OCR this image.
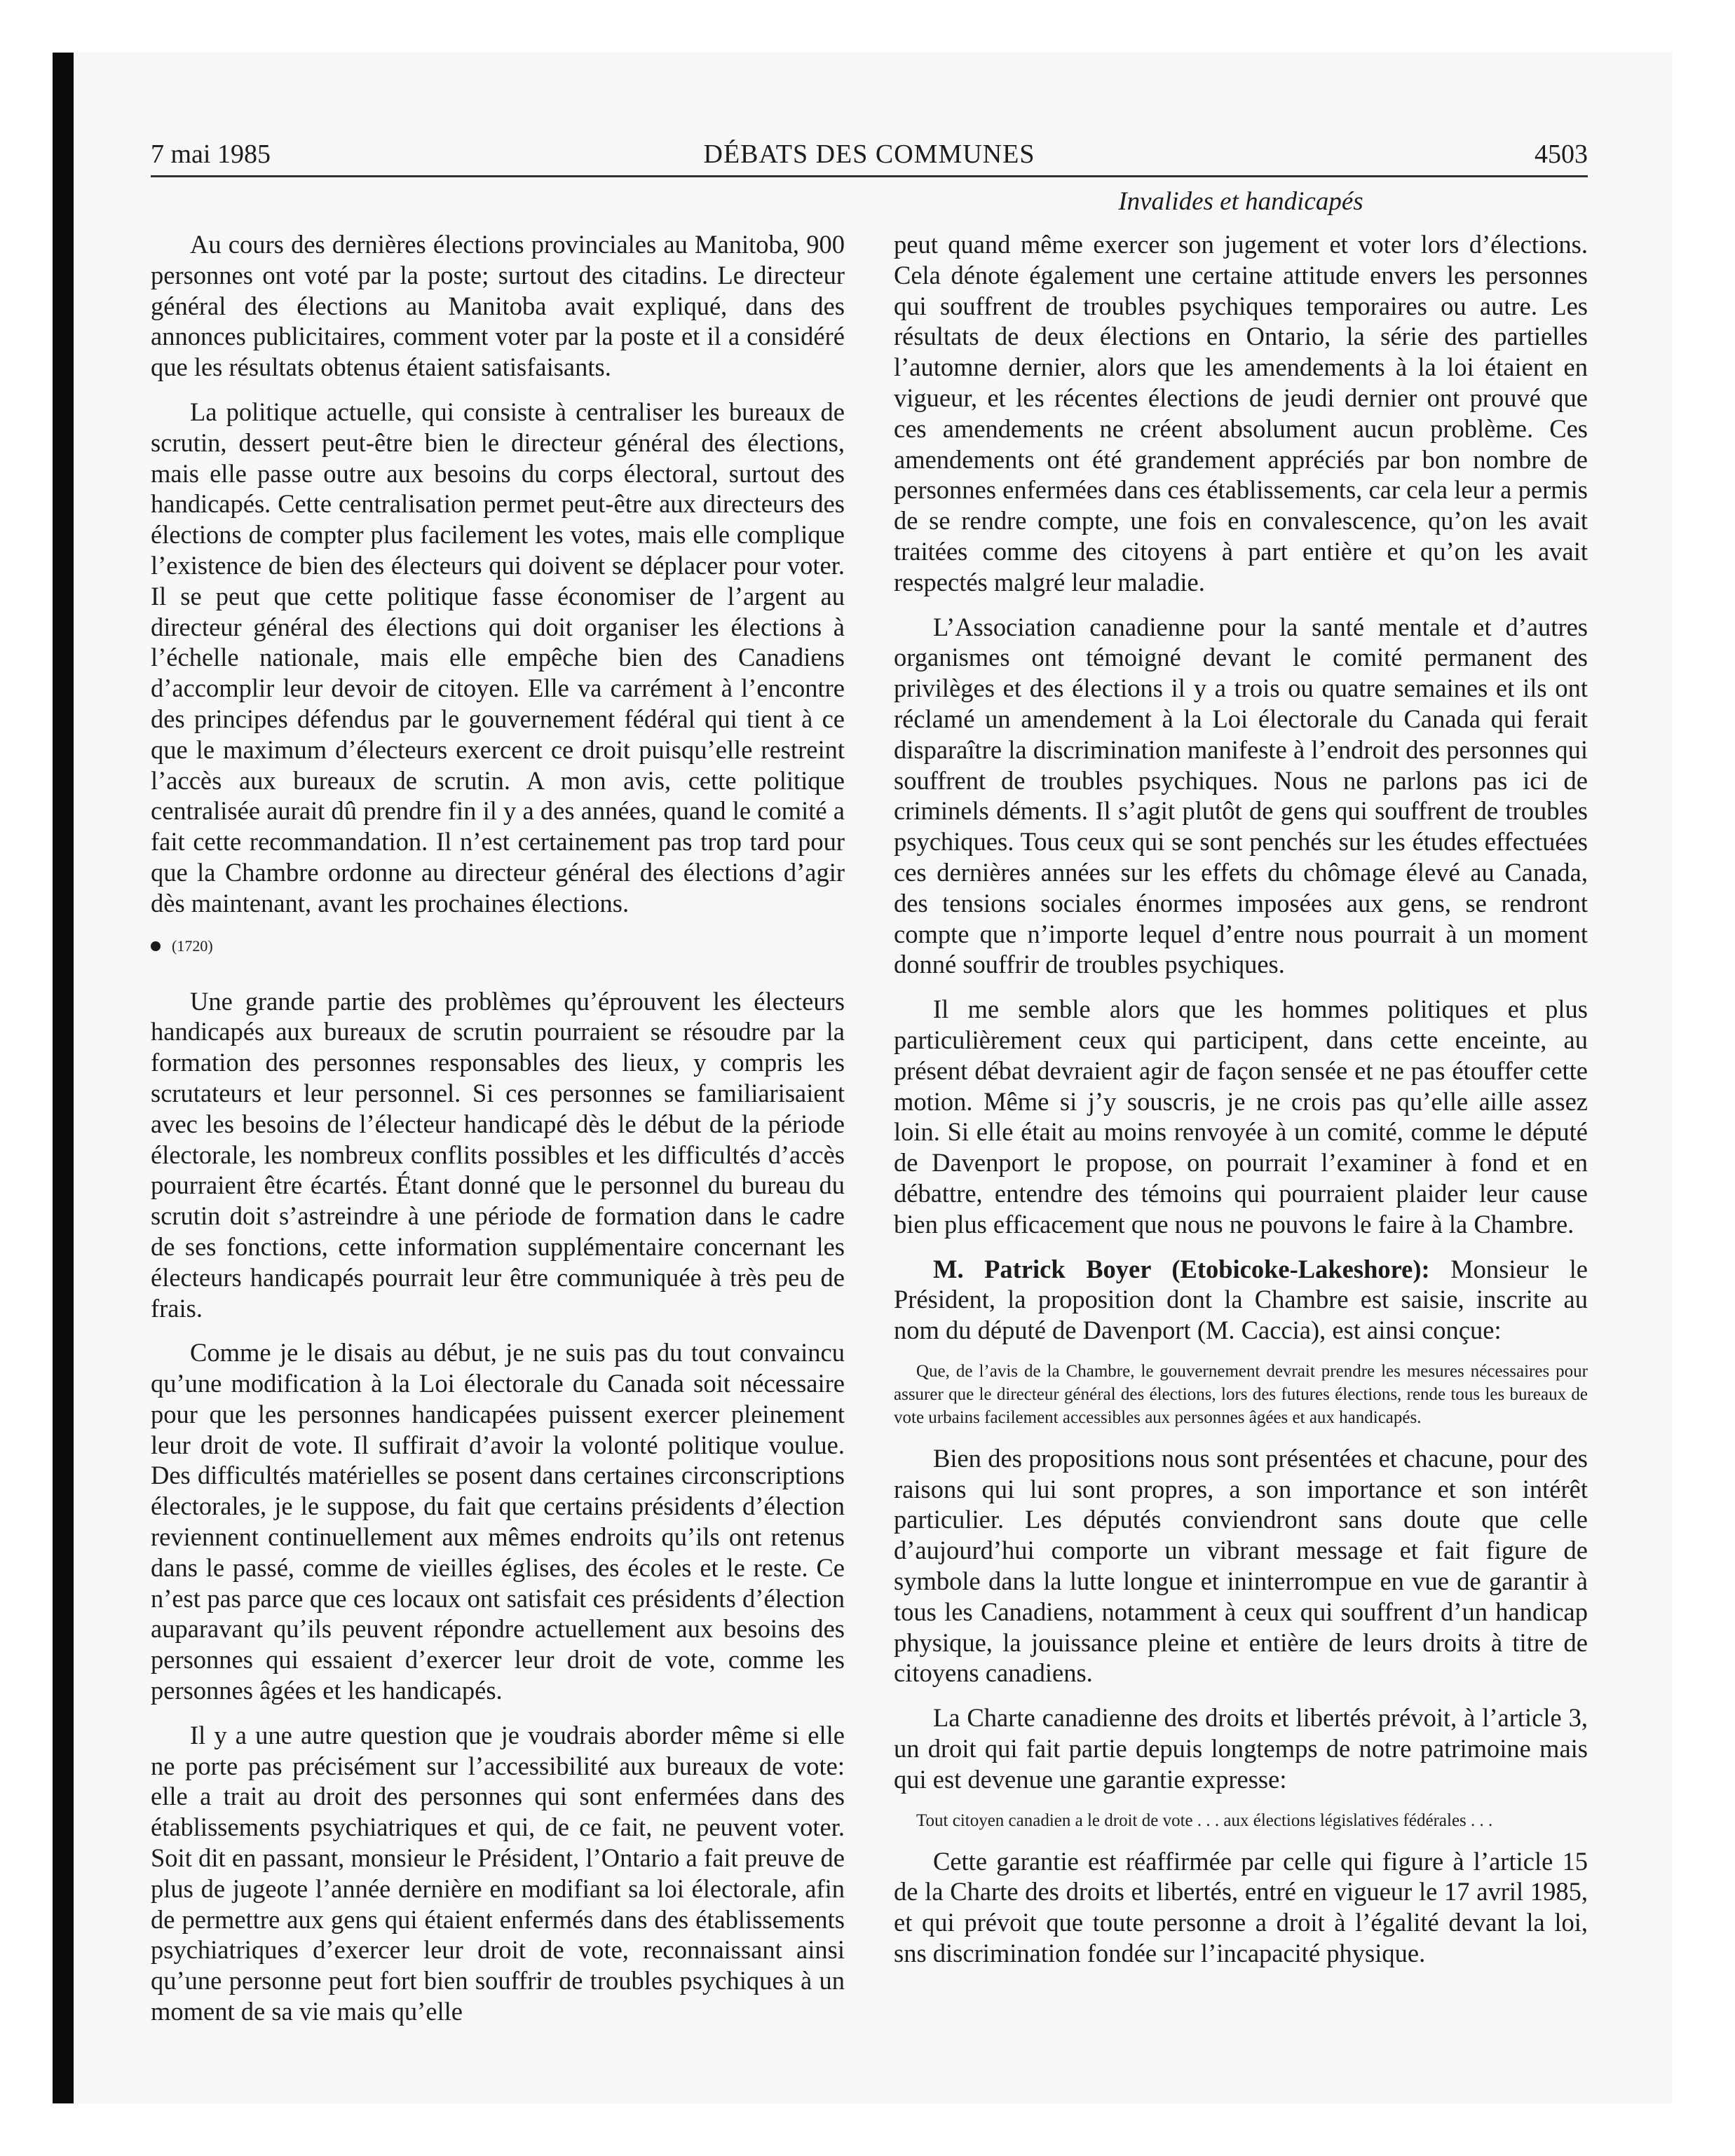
7 mai 1985	DÉBATS DES COMMUNES	4503
Invalides et handicapés

Au cours des dernières élections provinciales au Manitoba, 900 personnes ont voté par la poste; surtout des citadins. Le directeur général des élections au Manitoba avait expliqué, dans des annonces publicitaires, comment voter par la poste et il a considéré que les résultats obtenus étaient satisfaisants.

La politique actuelle, qui consiste à centraliser les bureaux de scrutin, dessert peut-être bien le directeur général des élections, mais elle passe outre aux besoins du corps électoral, surtout des handicapés. Cette centralisation permet peut-être aux directeurs des élections de compter plus facilement les votes, mais elle complique l’existence de bien des électeurs qui doivent se déplacer pour voter. Il se peut que cette politique fasse économiser de l’argent au directeur général des élections qui doit organiser les élections à l’échelle nationale, mais elle empêche bien des Canadiens d’accomplir leur devoir de citoyen. Elle va carrément à l’encontre des principes défendus par le gouvernement fédéral qui tient à ce que le maximum d’électeurs exercent ce droit puisqu’elle restreint l’accès aux bureaux de scrutin. A mon avis, cette politique centralisée aurait dû prendre fin il y a des années, quand le comité a fait cette recommandation. Il n’est certainement pas trop tard pour que la Chambre ordonne au directeur général des élections d’agir dès maintenant, avant les prochaines élections.

(1720)

Une grande partie des problèmes qu’éprouvent les électeurs handicapés aux bureaux de scrutin pourraient se résoudre par la formation des personnes responsables des lieux, y compris les scrutateurs et leur personnel. Si ces personnes se familiarisaient avec les besoins de l’électeur handicapé dès le début de la période électorale, les nombreux conflits possibles et les difficultés d’accès pourraient être écartés. Étant donné que le personnel du bureau du scrutin doit s’astreindre à une période de formation dans le cadre de ses fonctions, cette information supplémentaire concernant les électeurs handicapés pourrait leur être communiquée à très peu de frais.

Comme je le disais au début, je ne suis pas du tout convaincu qu’une modification à la Loi électorale du Canada soit nécessaire pour que les personnes handicapées puissent exercer pleinement leur droit de vote. Il suffirait d’avoir la volonté politique voulue. Des difficultés matérielles se posent dans certaines circonscriptions électorales, je le suppose, du fait que certains présidents d’élection reviennent continuellement aux mêmes endroits qu’ils ont retenus dans le passé, comme de vieilles églises, des écoles et le reste. Ce n’est pas parce que ces locaux ont satisfait ces présidents d’élection auparavant qu’ils peuvent répondre actuellement aux besoins des personnes qui essaient d’exercer leur droit de vote, comme les personnes âgées et les handicapés.

Il y a une autre question que je voudrais aborder même si elle ne porte pas précisément sur l’accessibilité aux bureaux de vote: elle a trait au droit des personnes qui sont enfermées dans des établissements psychiatriques et qui, de ce fait, ne peuvent voter. Soit dit en passant, monsieur le Président, l’Ontario a fait preuve de plus de jugeote l’année dernière en modifiant sa loi électorale, afin de permettre aux gens qui étaient enfermés dans des établissements psychiatriques d’exercer leur droit de vote, reconnaissant ainsi qu’une personne peut fort bien souffrir de troubles psychiques à un moment de sa vie mais qu’elle

peut quand même exercer son jugement et voter lors d’élections. Cela dénote également une certaine attitude envers les personnes qui souffrent de troubles psychiques temporaires ou autre. Les résultats de deux élections en Ontario, la série des partielles l’automne dernier, alors que les amendements à la loi étaient en vigueur, et les récentes élections de jeudi dernier ont prouvé que ces amendements ne créent absolument aucun problème. Ces amendements ont été grandement appréciés par bon nombre de personnes enfermées dans ces établissements, car cela leur a permis de se rendre compte, une fois en convalescence, qu’on les avait traitées comme des citoyens à part entière et qu’on les avait respectés malgré leur maladie.

L’Association canadienne pour la santé mentale et d’autres organismes ont témoigné devant le comité permanent des privilèges et des élections il y a trois ou quatre semaines et ils ont réclamé un amendement à la Loi électorale du Canada qui ferait disparaître la discrimination manifeste à l’endroit des personnes qui souffrent de troubles psychiques. Nous ne parlons pas ici de criminels déments. Il s’agit plutôt de gens qui souffrent de troubles psychiques. Tous ceux qui se sont penchés sur les études effectuées ces dernières années sur les effets du chômage élevé au Canada, des tensions sociales énormes imposées aux gens, se rendront compte que n’importe lequel d’entre nous pourrait à un moment donné souffrir de troubles psychiques.

Il me semble alors que les hommes politiques et plus particulièrement ceux qui participent, dans cette enceinte, au présent débat devraient agir de façon sensée et ne pas étouffer cette motion. Même si j’y souscris, je ne crois pas qu’elle aille assez loin. Si elle était au moins renvoyée à un comité, comme le député de Davenport le propose, on pourrait l’examiner à fond et en débattre, entendre des témoins qui pourraient plaider leur cause bien plus efficacement que nous ne pouvons le faire à la Chambre.

M. Patrick Boyer (Etobicoke-Lakeshore): Monsieur le Président, la proposition dont la Chambre est saisie, inscrite au nom du député de Davenport (M. Caccia), est ainsi conçue:

Que, de l’avis de la Chambre, le gouvernement devrait prendre les mesures nécessaires pour assurer que le directeur général des élections, lors des futures élections, rende tous les bureaux de vote urbains facilement accessibles aux personnes âgées et aux handicapés.

Bien des propositions nous sont présentées et chacune, pour des raisons qui lui sont propres, a son importance et son intérêt particulier. Les députés conviendront sans doute que celle d’aujourd’hui comporte un vibrant message et fait figure de symbole dans la lutte longue et ininterrompue en vue de garantir à tous les Canadiens, notamment à ceux qui souffrent d’un handicap physique, la jouissance pleine et entière de leurs droits à titre de citoyens canadiens.

La Charte canadienne des droits et libertés prévoit, à l’article 3, un droit qui fait partie depuis longtemps de notre patrimoine mais qui est devenue une garantie expresse:

Tout citoyen canadien a le droit de vote . . . aux élections législatives fédérales . . .

Cette garantie est réaffirmée par celle qui figure à l’article 15 de la Charte des droits et libertés, entré en vigueur le 17 avril 1985, et qui prévoit que toute personne a droit à l’égalité devant la loi, sns discrimination fondée sur l’incapacité physique.
